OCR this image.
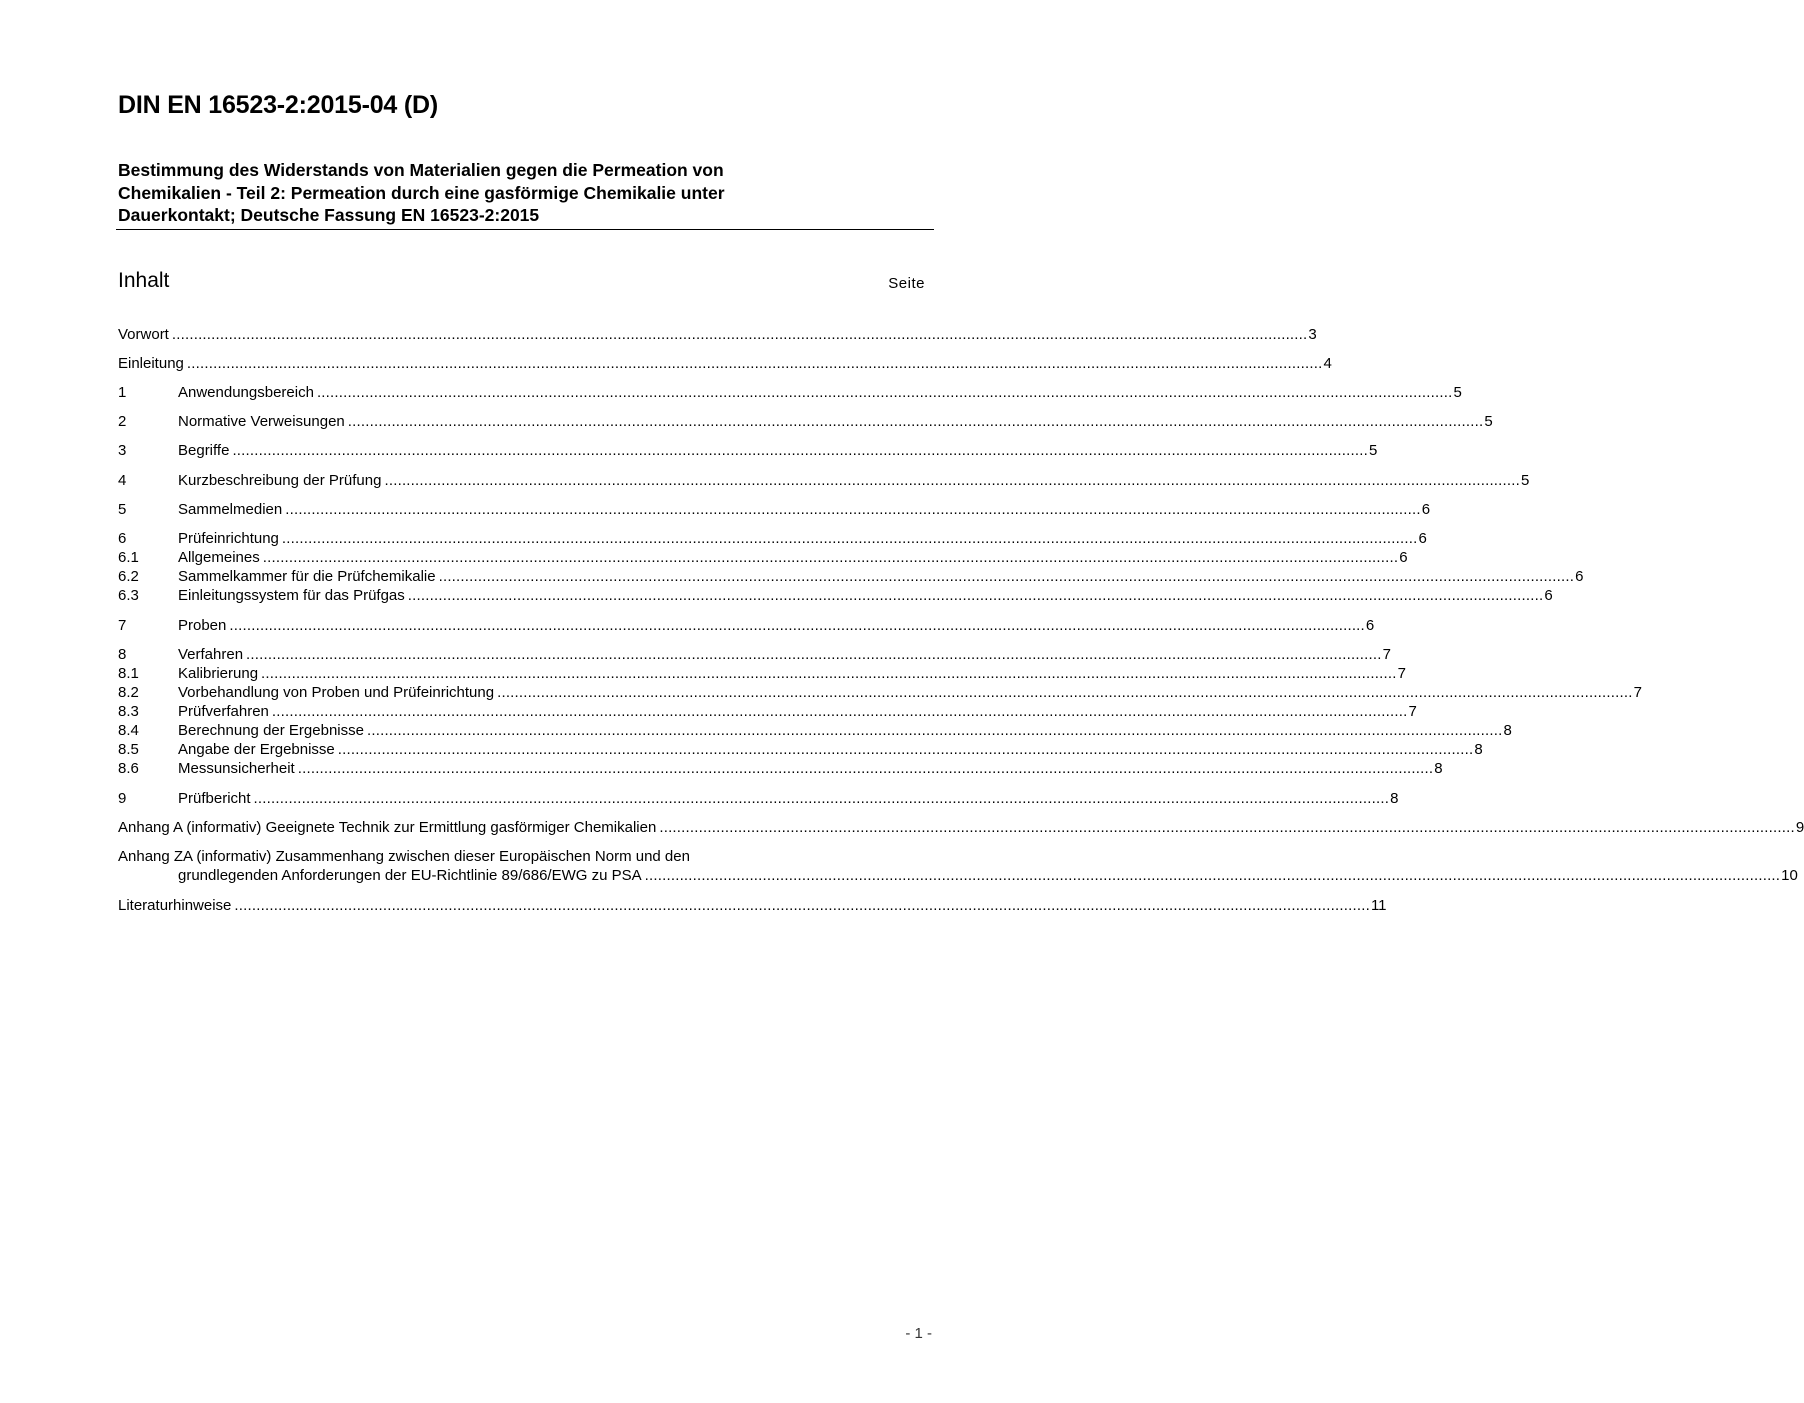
DIN EN 16523-2:2015-04 (D)
Bestimmung des Widerstands von Materialien gegen die Permeation von
Chemikalien - Teil 2: Permeation durch eine gasförmige Chemikalie unter
Dauerkontakt; Deutsche Fassung EN 16523-2:2015
Inhalt	Seite
Vorwort .................................................................................................................................................................................................................................................................... 3
Einleitung .................................................................................................................................................................................................................................................................... 4
1	Anwendungsbereich .................................................................................................................................................................................................................................................................... 5
2	Normative Verweisungen .................................................................................................................................................................................................................................................................... 5
3	Begriffe .................................................................................................................................................................................................................................................................... 5
4	Kurzbeschreibung der Prüfung .................................................................................................................................................................................................................................................................... 5
5	Sammelmedien .................................................................................................................................................................................................................................................................... 6
6	Prüfeinrichtung .................................................................................................................................................................................................................................................................... 6
6.1	Allgemeines .................................................................................................................................................................................................................................................................... 6
6.2	Sammelkammer für die Prüfchemikalie .................................................................................................................................................................................................................................................................... 6
6.3	Einleitungssystem für das Prüfgas .................................................................................................................................................................................................................................................................... 6
7	Proben .................................................................................................................................................................................................................................................................... 6
8	Verfahren .................................................................................................................................................................................................................................................................... 7
8.1	Kalibrierung .................................................................................................................................................................................................................................................................... 7
8.2	Vorbehandlung von Proben und Prüfeinrichtung .................................................................................................................................................................................................................................................................... 7
8.3	Prüfverfahren .................................................................................................................................................................................................................................................................... 7
8.4	Berechnung der Ergebnisse .................................................................................................................................................................................................................................................................... 8
8.5	Angabe der Ergebnisse .................................................................................................................................................................................................................................................................... 8
8.6	Messunsicherheit .................................................................................................................................................................................................................................................................... 8
9	Prüfbericht .................................................................................................................................................................................................................................................................... 8
Anhang A (informativ) Geeignete Technik zur Ermittlung gasförmiger Chemikalien .................................................................................................................................................................................................................................................................... 9
Anhang ZA (informativ) Zusammenhang zwischen dieser Europäischen Norm und den
grundlegenden Anforderungen der EU-Richtlinie 89/686/EWG zu PSA .................................................................................................................................................................................................................................................................... 10
Literaturhinweise .................................................................................................................................................................................................................................................................... 11
- 1 -
